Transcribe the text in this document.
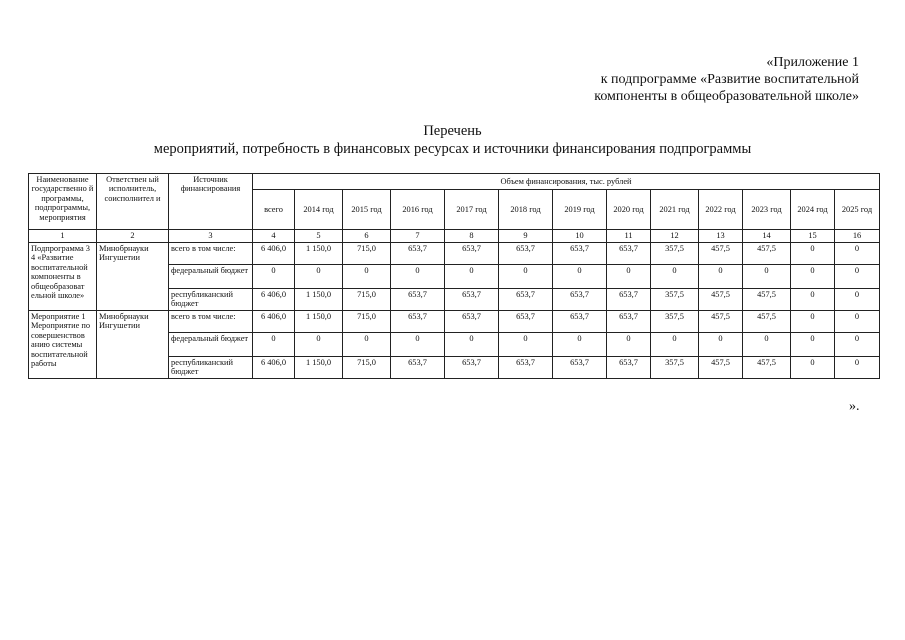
«Приложение 1
к подпрограмме «Развитие воспитательной
компоненты в общеобразовательной школе»
Перечень
мероприятий, потребность в финансовых ресурсах и источники финансирования подпрограммы
Наименование государственно й программы, подпрограммы, мероприятия	Ответствен ый исполнитель, соисполнител и	Источник финансирования	Объем финансирования, тыс. рублей												
			всего	2014 год	2015 год	2016 год	2017 год	2018 год	2019 год	2020 год	2021 год	2022 год	2023 год	2024 год	2025 год
1	2	3	4	5	6	7	8	9	10	11	12	13	14	15	16
Подпрограмма 3 4 «Развитие воспитательной компоненты в общеобразоват ельной школе»	Минобрнауки Ингушетии	всего в том числе:	6 406,0	1 150,0	715,0	653,7	653,7	653,7	653,7	653,7	357,5	457,5	457,5	0	0
		федеральный бюджет	0	0	0	0	0	0	0	0	0	0	0	0	0
		республиканский бюджет	6 406,0	1 150,0	715,0	653,7	653,7	653,7	653,7	653,7	357,5	457,5	457,5	0	0
Мероприятие 1 Мероприятие по совершенствов анию системы воспитательной работы	Минобрнауки Ингушетии	всего в том числе:	6 406,0	1 150,0	715,0	653,7	653,7	653,7	653,7	653,7	357,5	457,5	457,5	0	0
		федеральный бюджет	0	0	0	0	0	0	0	0	0	0	0	0	0
		республиканский бюджет	6 406,0	1 150,0	715,0	653,7	653,7	653,7	653,7	653,7	357,5	457,5	457,5	0	0
».
